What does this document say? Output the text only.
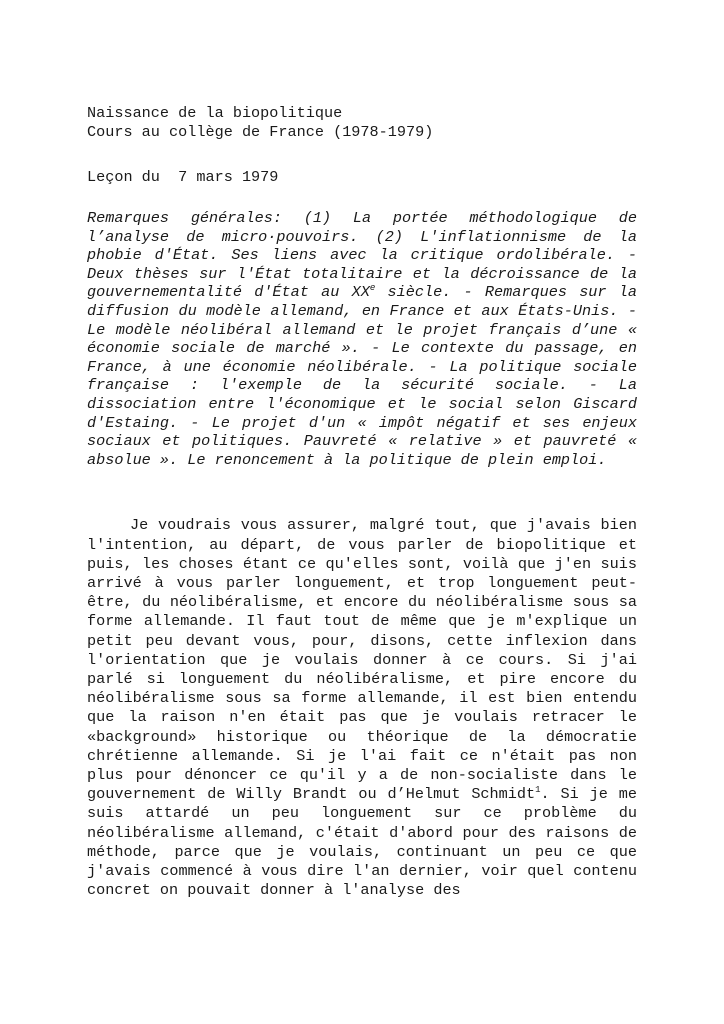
Naissance de la biopolitique
Cours au collège de France (1978-1979)
Leçon du  7 mars 1979
Remarques générales: (1) La portée méthodologique de l’analyse de micro·pouvoirs. (2) L'inflationnisme de la phobie d'État. Ses liens avec la critique ordolibérale. - Deux thèses sur l'État totalitaire et la décroissance de la gouvernementalité d'État au XXe siècle. - Remarques sur la diffusion du modèle allemand, en France et aux États-Unis. - Le modèle néolibéral allemand et le projet français d’une « économie sociale de marché ». - Le contexte du passage, en France, à une économie néolibérale. - La politique sociale française : l'exemple de la sécurité sociale. - La dissociation entre l'économique et le social selon Giscard d'Estaing. - Le projet d'un « impôt négatif et ses enjeux sociaux et politiques. Pauvreté « relative » et pauvreté « absolue ». Le renoncement à la politique de plein emploi.
Je voudrais vous assurer, malgré tout, que j'avais bien l'intention, au départ, de vous parler de biopolitique et puis, les choses étant ce qu'elles sont, voilà que j'en suis arrivé à vous parler longuement, et trop longuement peut-être, du néolibéralisme, et encore du néolibéralisme sous sa forme allemande. Il faut tout de même que je m'explique un petit peu devant vous, pour, disons, cette inflexion dans l'orientation que je voulais donner à ce cours. Si j'ai parlé si longuement du néolibéralisme, et pire encore du néolibéralisme sous sa forme allemande, il est bien entendu que la raison n'en était pas que je voulais retracer le «background» historique ou théorique de la démocratie chrétienne allemande. Si je l'ai fait ce n'était pas non plus pour dénoncer ce qu'il y a de non-socialiste dans le gouvernement de Willy Brandt ou d’Helmut Schmidt$^1$. Si je me suis attardé un peu longuement sur ce problème du néolibéralisme allemand, c'était d'abord pour des raisons de méthode, parce que je voulais, continuant un peu ce que j'avais commencé à vous dire l'an dernier, voir quel contenu concret on pouvait donner à l'analyse des
